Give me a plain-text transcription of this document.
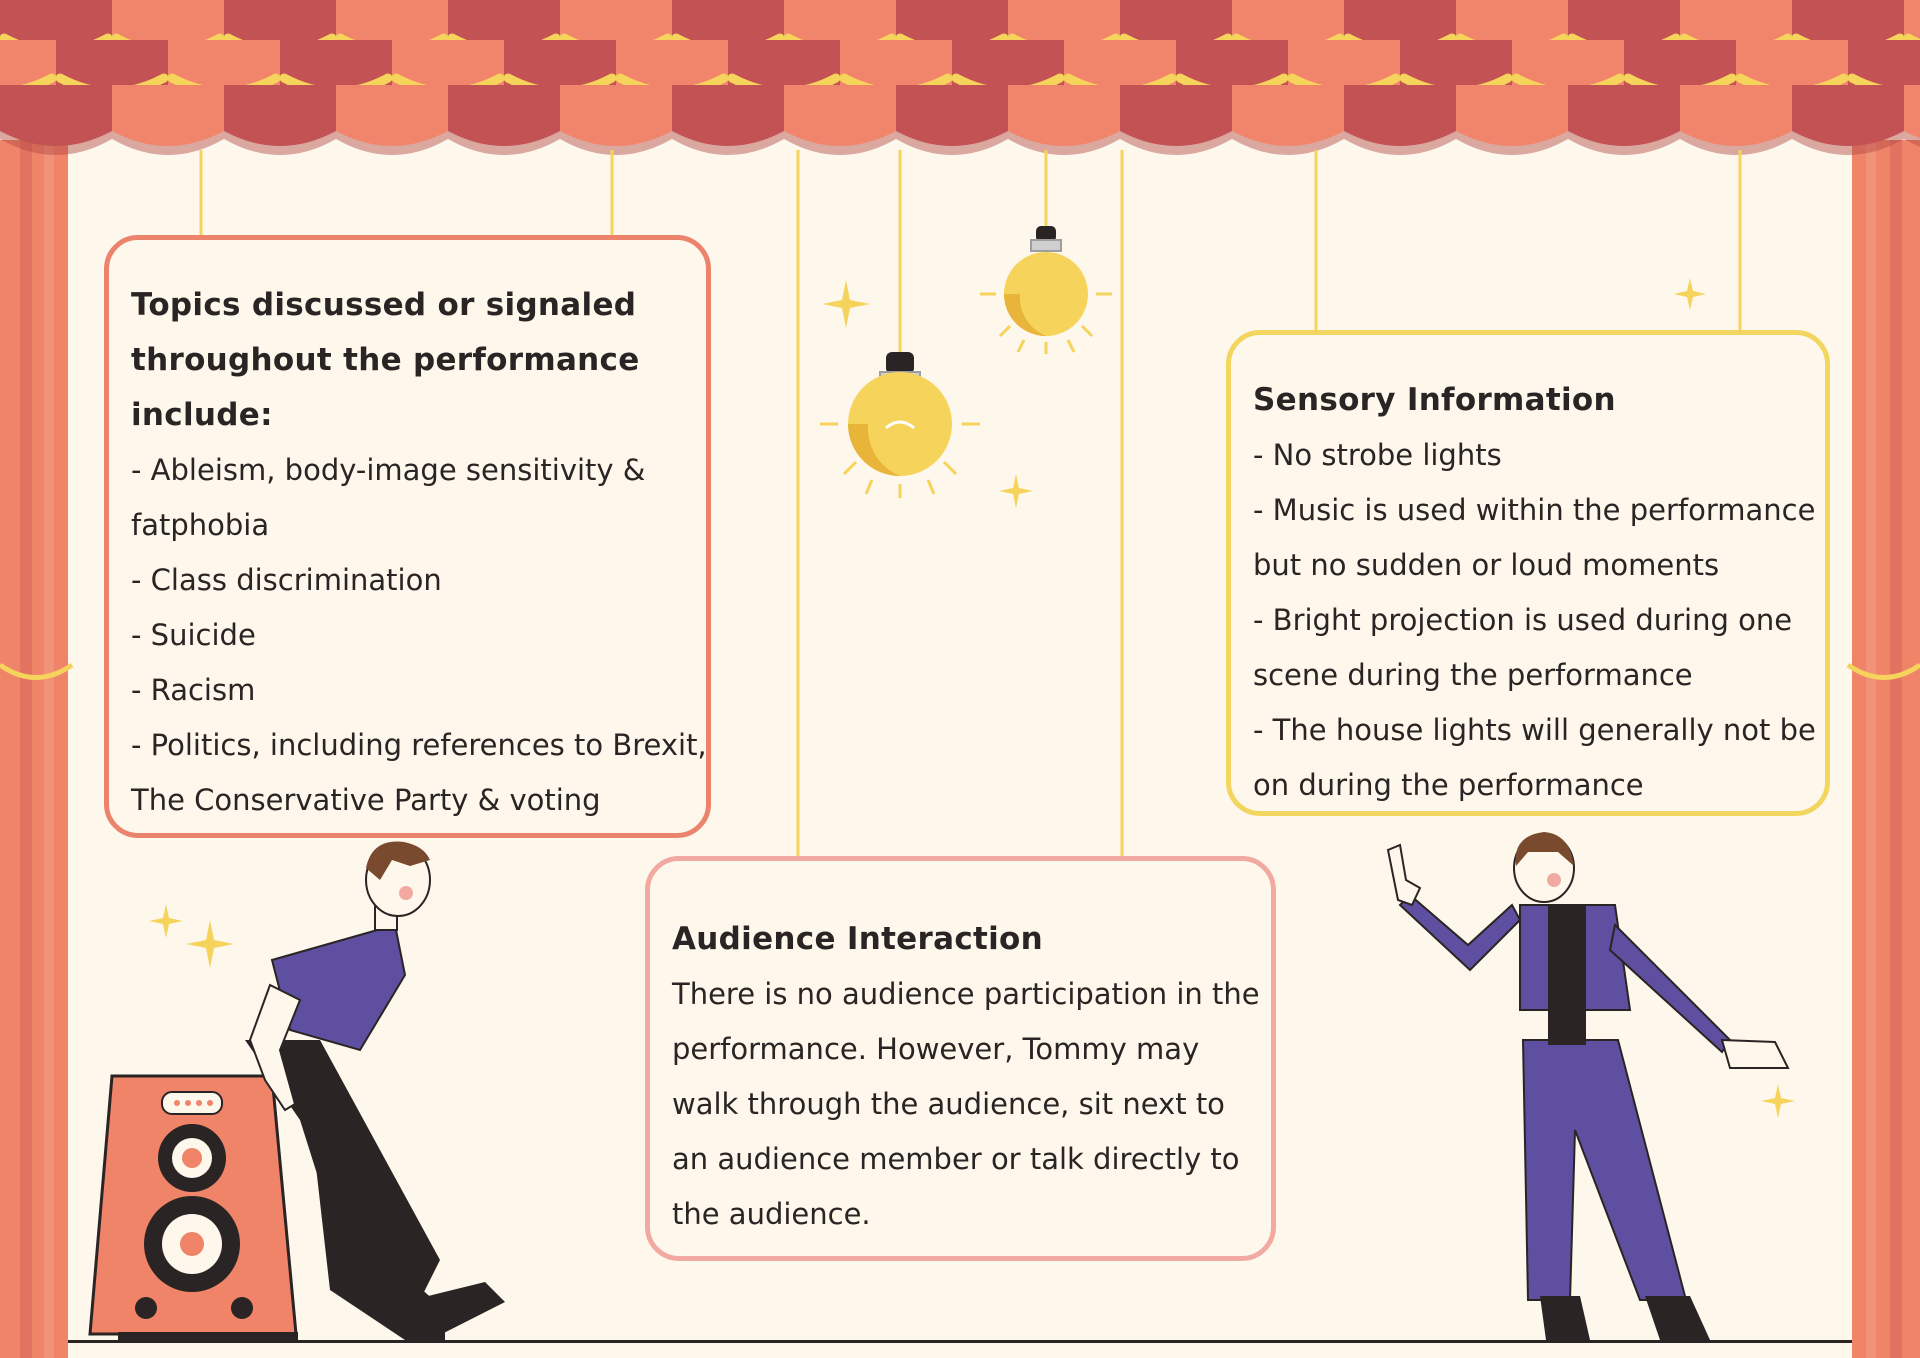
Topics discussed or signaled
throughout the performance
include:

- Ableism, body-image sensitivity &

fatphobia

- Class discrimination

- Suicide

- Racism

- Politics, including references to Brexit,

The Conservative Party & voting

Sensory Information

- No strobe lights

- Music is used within the performance

but no sudden or loud moments

- Bright projection is used during one

scene during the performance

- The house lights will generally not be

on during the performance

Audience Interaction

There is no audience participation in the

performance. However, Tommy may

walk through the audience, sit next to

an audience member or talk directly to

the audience.
